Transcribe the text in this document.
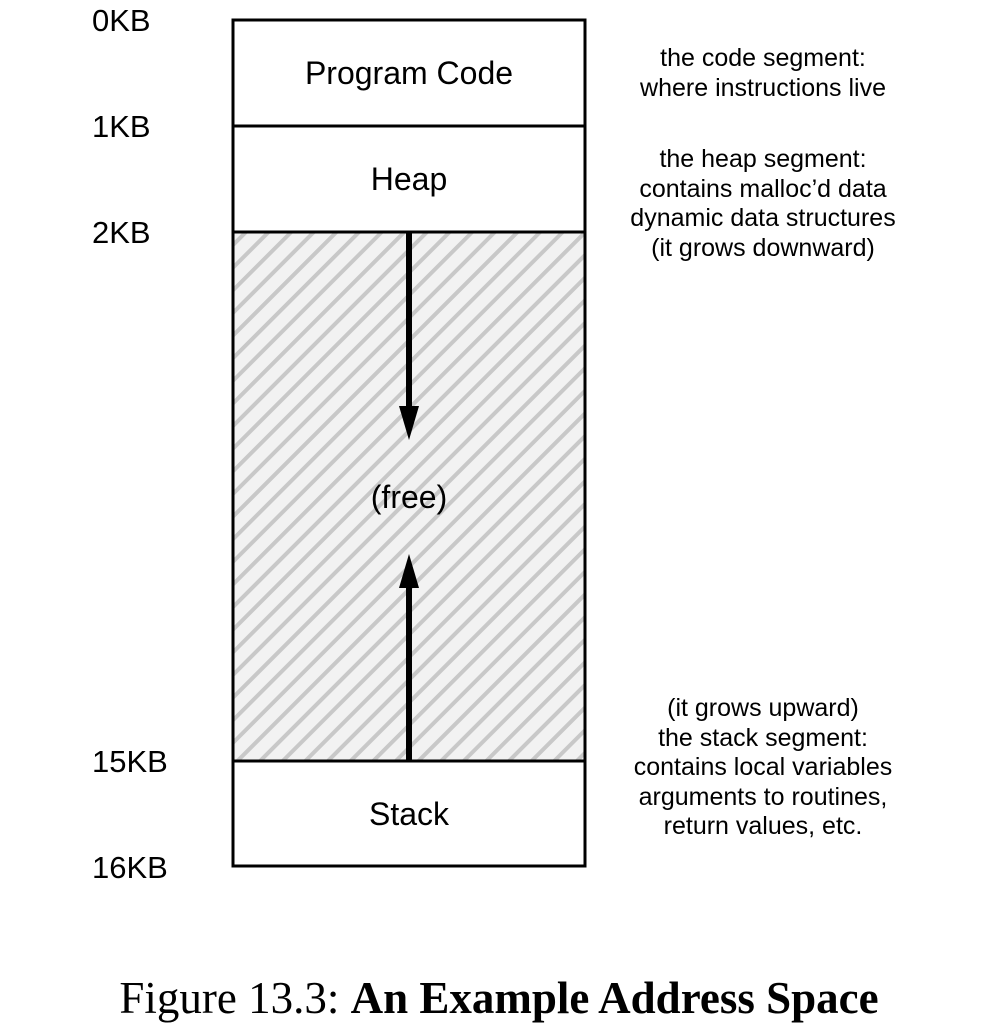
0KB
1KB
2KB
15KB
16KB
Program Code
Heap
(free)
Stack
the code segment:
where instructions live
the heap segment:
contains malloc’d data
dynamic data structures
(it grows downward)
(it grows upward)
the stack segment:
contains local variables
arguments to routines,
return values, etc.
Figure 13.3: An Example Address Space
